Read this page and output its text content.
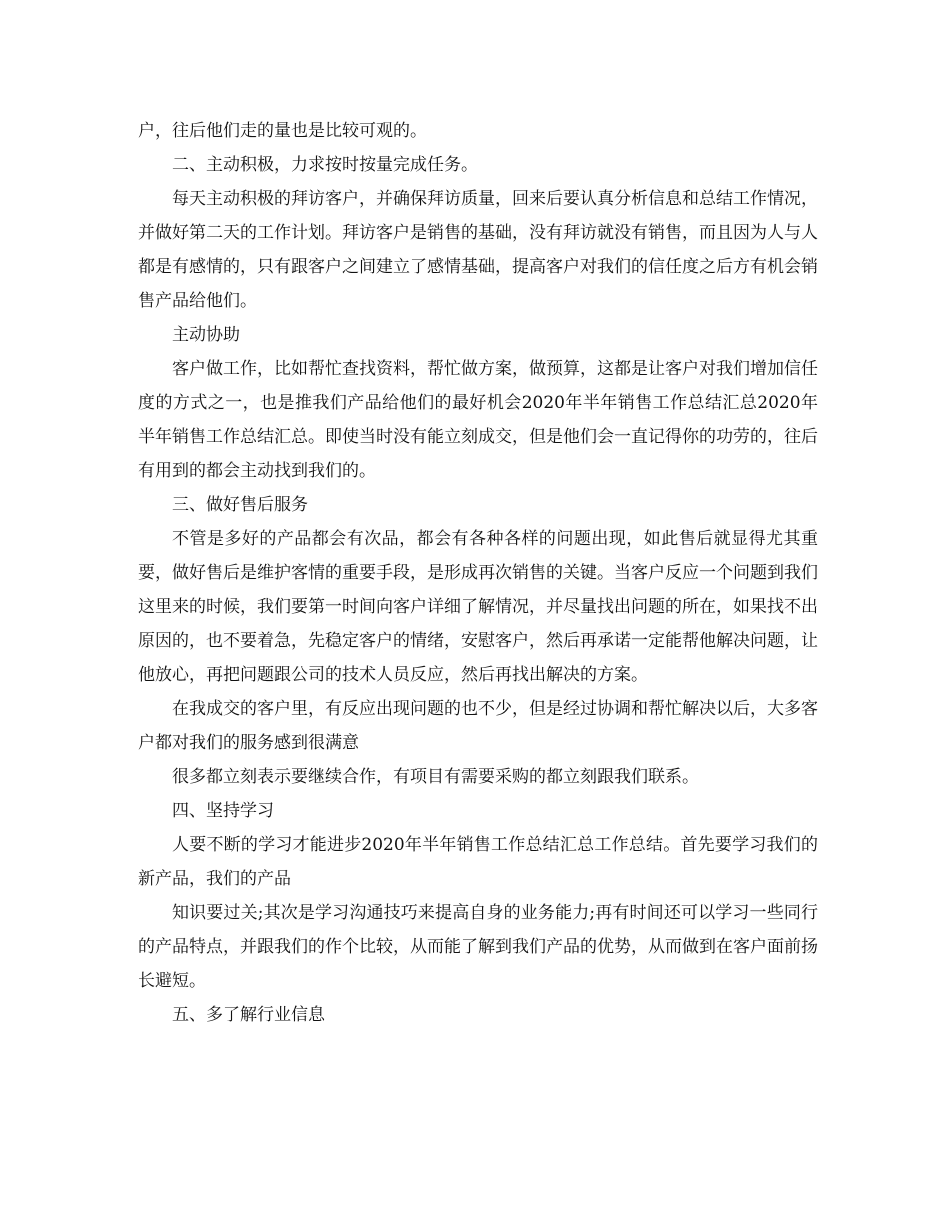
户，往后他们走的量也是比较可观的。

二、主动积极，力求按时按量完成任务。

每天主动积极的拜访客户，并确保拜访质量，回来后要认真分析信息和总结工作情况，并做好第二天的工作计划。拜访客户是销售的基础，没有拜访就没有销售，而且因为人与人都是有感情的，只有跟客户之间建立了感情基础，提高客户对我们的信任度之后方有机会销售产品给他们。

主动协助

客户做工作，比如帮忙查找资料，帮忙做方案，做预算，这都是让客户对我们增加信任度的方式之一，也是推我们产品给他们的最好机会2020年半年销售工作总结汇总2020年半年销售工作总结汇总。即使当时没有能立刻成交，但是他们会一直记得你的功劳的，往后有用到的都会主动找到我们的。

三、做好售后服务

不管是多好的产品都会有次品，都会有各种各样的问题出现，如此售后就显得尤其重要，做好售后是维护客情的重要手段，是形成再次销售的关键。当客户反应一个问题到我们这里来的时候，我们要第一时间向客户详细了解情况，并尽量找出问题的所在，如果找不出原因的，也不要着急，先稳定客户的情绪，安慰客户，然后再承诺一定能帮他解决问题，让他放心，再把问题跟公司的技术人员反应，然后再找出解决的方案。

在我成交的客户里，有反应出现问题的也不少，但是经过协调和帮忙解决以后，大多客户都对我们的服务感到很满意

很多都立刻表示要继续合作，有项目有需要采购的都立刻跟我们联系。

四、坚持学习

人要不断的学习才能进步2020年半年销售工作总结汇总工作总结。首先要学习我们的新产品，我们的产品

知识要过关;其次是学习沟通技巧来提高自身的业务能力;再有时间还可以学习一些同行的产品特点，并跟我们的作个比较，从而能了解到我们产品的优势，从而做到在客户面前扬长避短。

五、多了解行业信息
